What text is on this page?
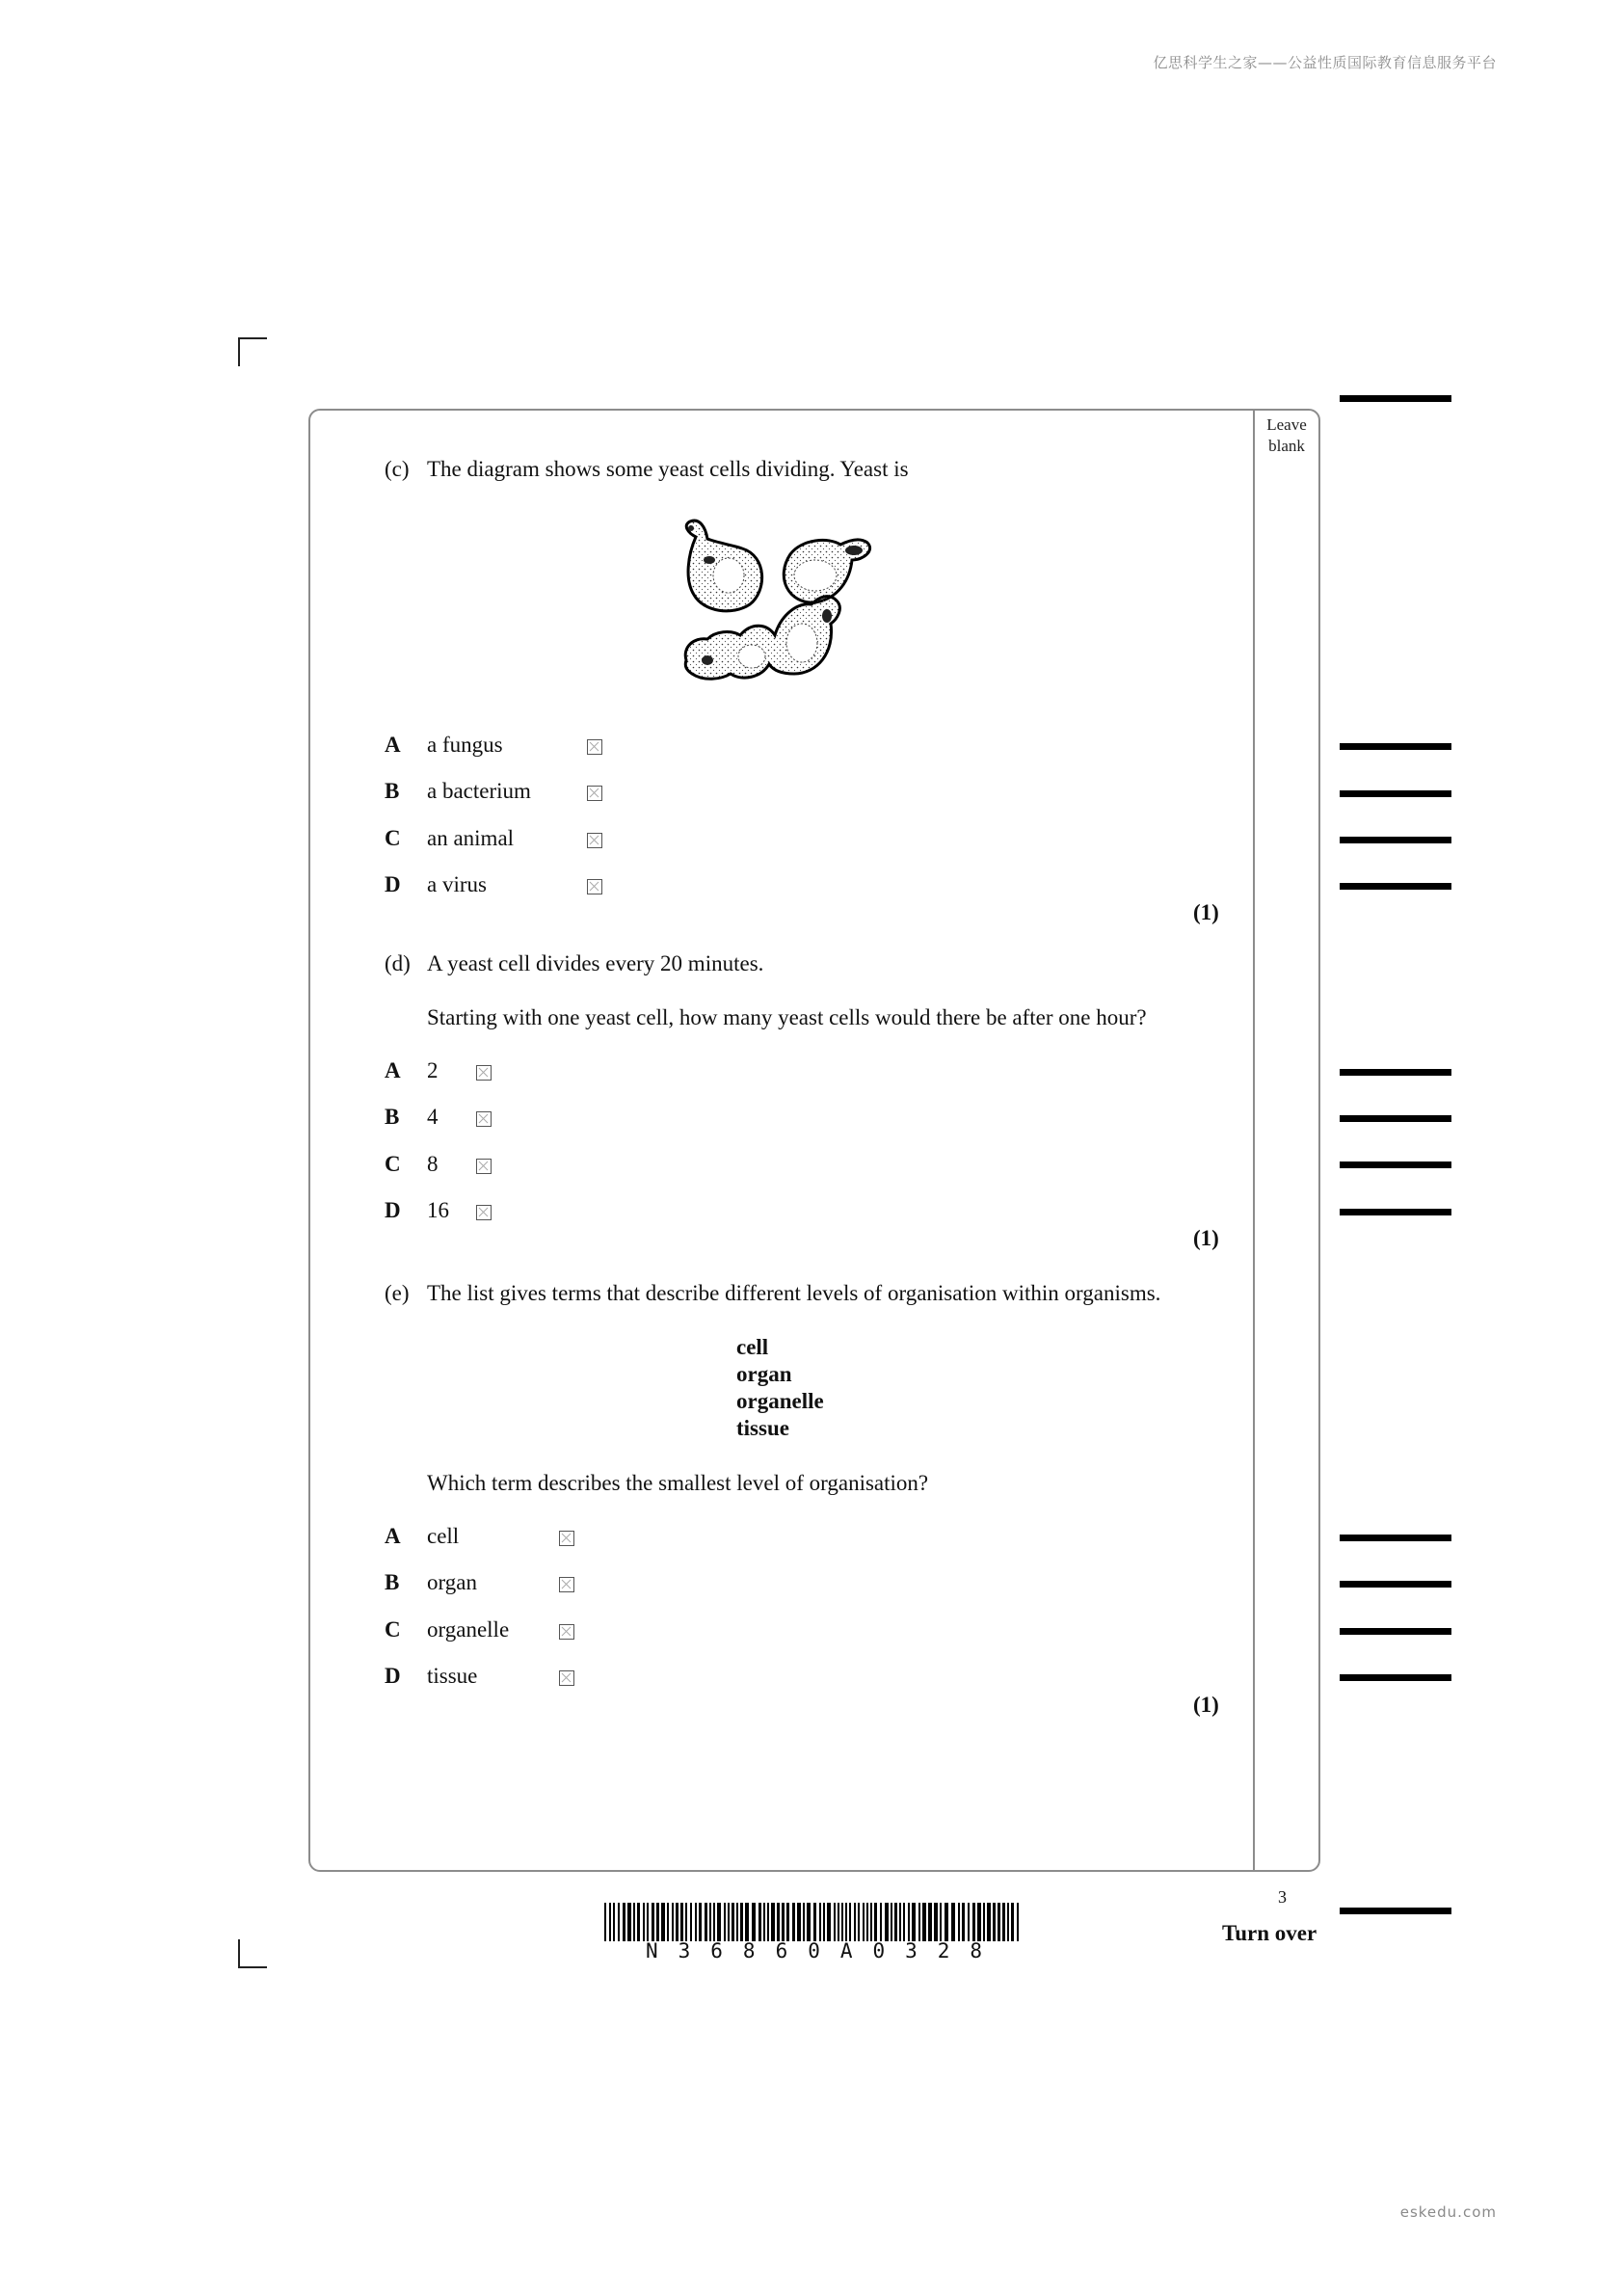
亿思科学生之家——公益性质国际教育信息服务平台
eskedu.com
Leave
blank
(c) The diagram shows some yeast cells dividing. Yeast is
A a fungus
B a bacterium
C an animal
D a virus
(1)
(d) A yeast cell divides every 20 minutes.
Starting with one yeast cell, how many yeast cells would there be after one hour?
A 2
B 4
C 8
D 16
(1)
(e) The list gives terms that describe different levels of organisation within organisms.
cell
organ
organelle
tissue
Which term describes the smallest level of organisation?
A cell
B organ
C organelle
D tissue
(1)
N36860A0328
3
Turn over
